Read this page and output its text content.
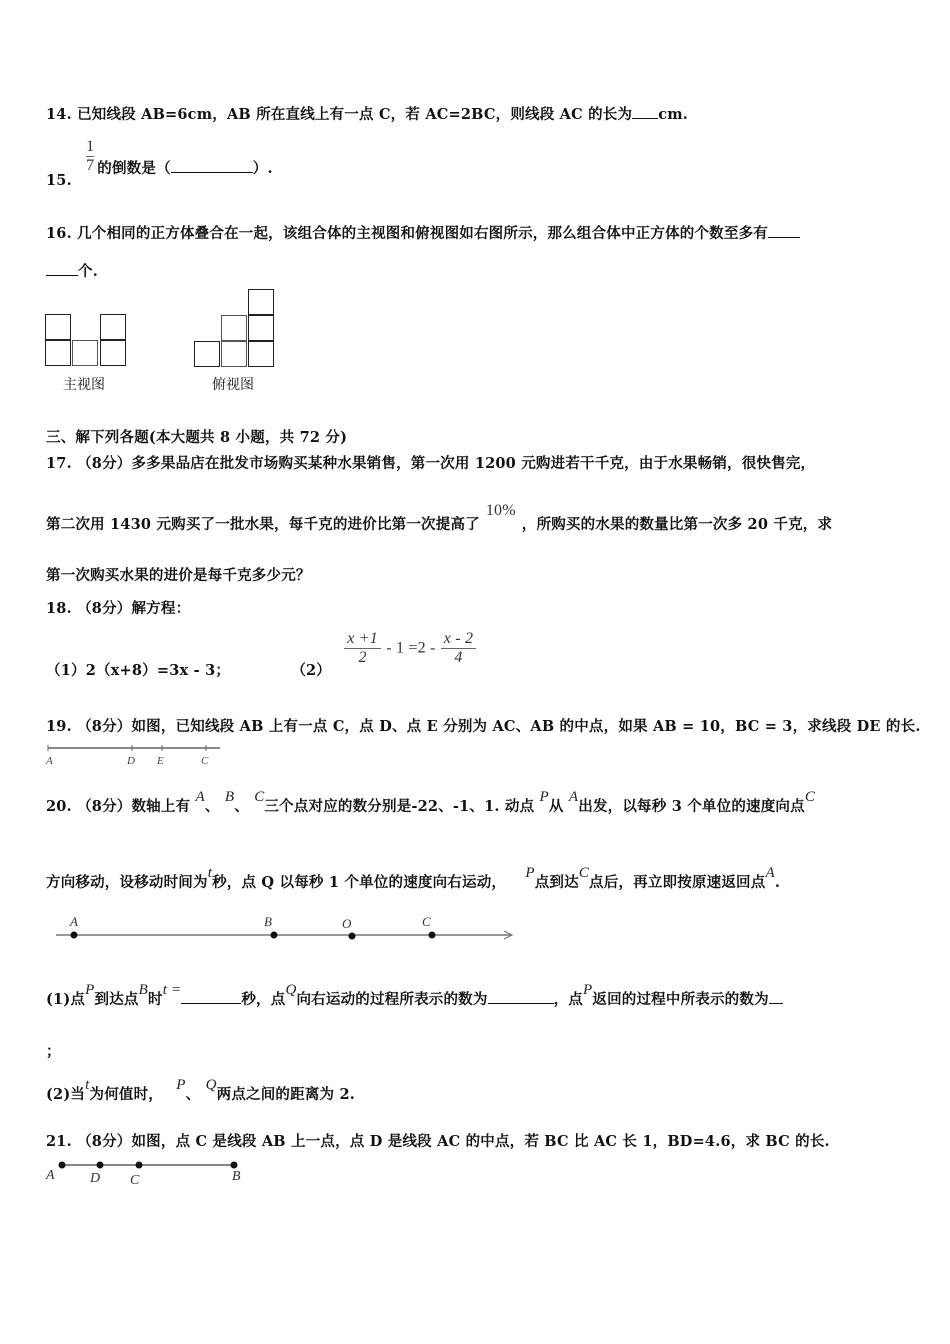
14. 已知线段 AB=6cm，AB 所在直线上有一点 C，若 AC=2BC，则线段 AC 的长为 cm.
15.
$\frac{1}{7}$ 的倒数是（	）.
16. 几个相同的正方体叠合在一起，该组合体的主视图和俯视图如右图所示，那么组合体中正方体的个数至多有
个.
主视图	俯视图
三、解下列各题(本大题共 8 小题，共 72 分)
17. （8分）多多果品店在批发市场购买某种水果销售，第一次用 1200 元购进若干千克，由于水果畅销，很快售完，
第二次用 1430 元购买了一批水果，每千克的进价比第一次提高了10%，所购买的水果的数量比第一次多 20 千克，求
第一次购买水果的进价是每千克多少元？
18. （8分）解方程：
（1）2（x+8）=3x - 3；	（2）
$\frac{x +1}{2} - 1 =2 - \frac{x - 2}{4}$
19. （8分）如图，已知线段 AB 上有一点 C，点 D、点 E 分别为 AC、AB 的中点，如果 AB = 10，BC = 3，求线段 DE 的长.
A	D E	C
20. （8分）数轴上有 A、 B、 C三个点对应的数分别是-22、-1、1. 动点 P从 A出发，以每秒 3 个单位的速度向点C
方向移动，设移动时间为t秒，点 Q 以每秒 1 个单位的速度向右运动， P点到达C点后，再立即按原速返回点A.
A	B	O	C
(1)点P到达点B时t =秒，点Q向右运动的过程所表示的数为	，点P返回的过程中所表示的数为
；
(2)当t为何值时， P、 Q两点之间的距离为 2.
21. （8分）如图，点 C 是线段 AB 上一点，点 D 是线段 AC 的中点，若 BC 比 AC 长 1，BD=4.6，求 BC 的长.
A	D C	B
